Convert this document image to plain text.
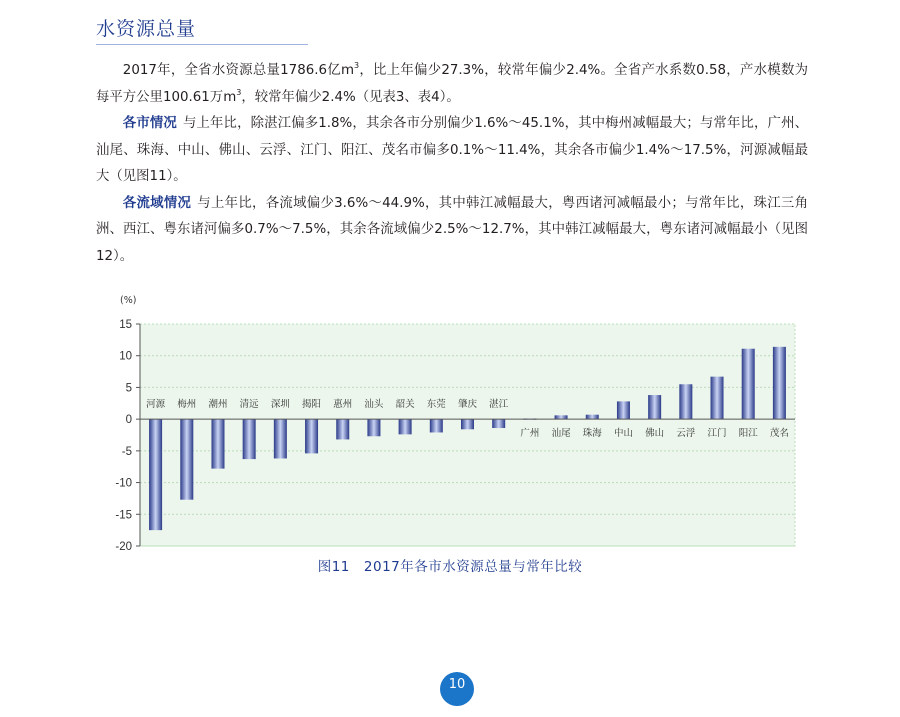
水资源总量

2017年，全省水资源总量1786.6亿$m^3$，比上年偏少27.3%，较常年偏少2.4%。全省产水系数0.58，产水模数为每平方公里100.61万$m^3$，较常年偏少2.4%（见表3、表4）。

各市情况 与上年比，除湛江偏多1.8%，其余各市分别偏少1.6%～45.1%，其中梅州减幅最大；与常年比，广州、汕尾、珠海、中山、佛山、云浮、江门、阳江、茂名市偏多0.1%～11.4%，其余各市偏少1.4%～17.5%，河源减幅最大（见图11）。

各流域情况 与上年比，各流域偏少3.6%～44.9%，其中韩江减幅最大，粤西诸河减幅最小；与常年比，珠江三角洲、西江、粤东诸河偏多0.7%～7.5%，其余各流域偏少2.5%～12.7%，其中韩江减幅最大，粤东诸河减幅最小（见图12）。

15
10
5
0
-5
-10
-15
-20
河源 梅州 潮州 清远 深圳 揭阳 惠州 汕头 韶关 东莞 肇庆 湛江
广州 汕尾 珠海 中山 佛山 云浮 江门 阳江 茂名
(%)
图11 2017年各市水资源总量与常年比较
10
